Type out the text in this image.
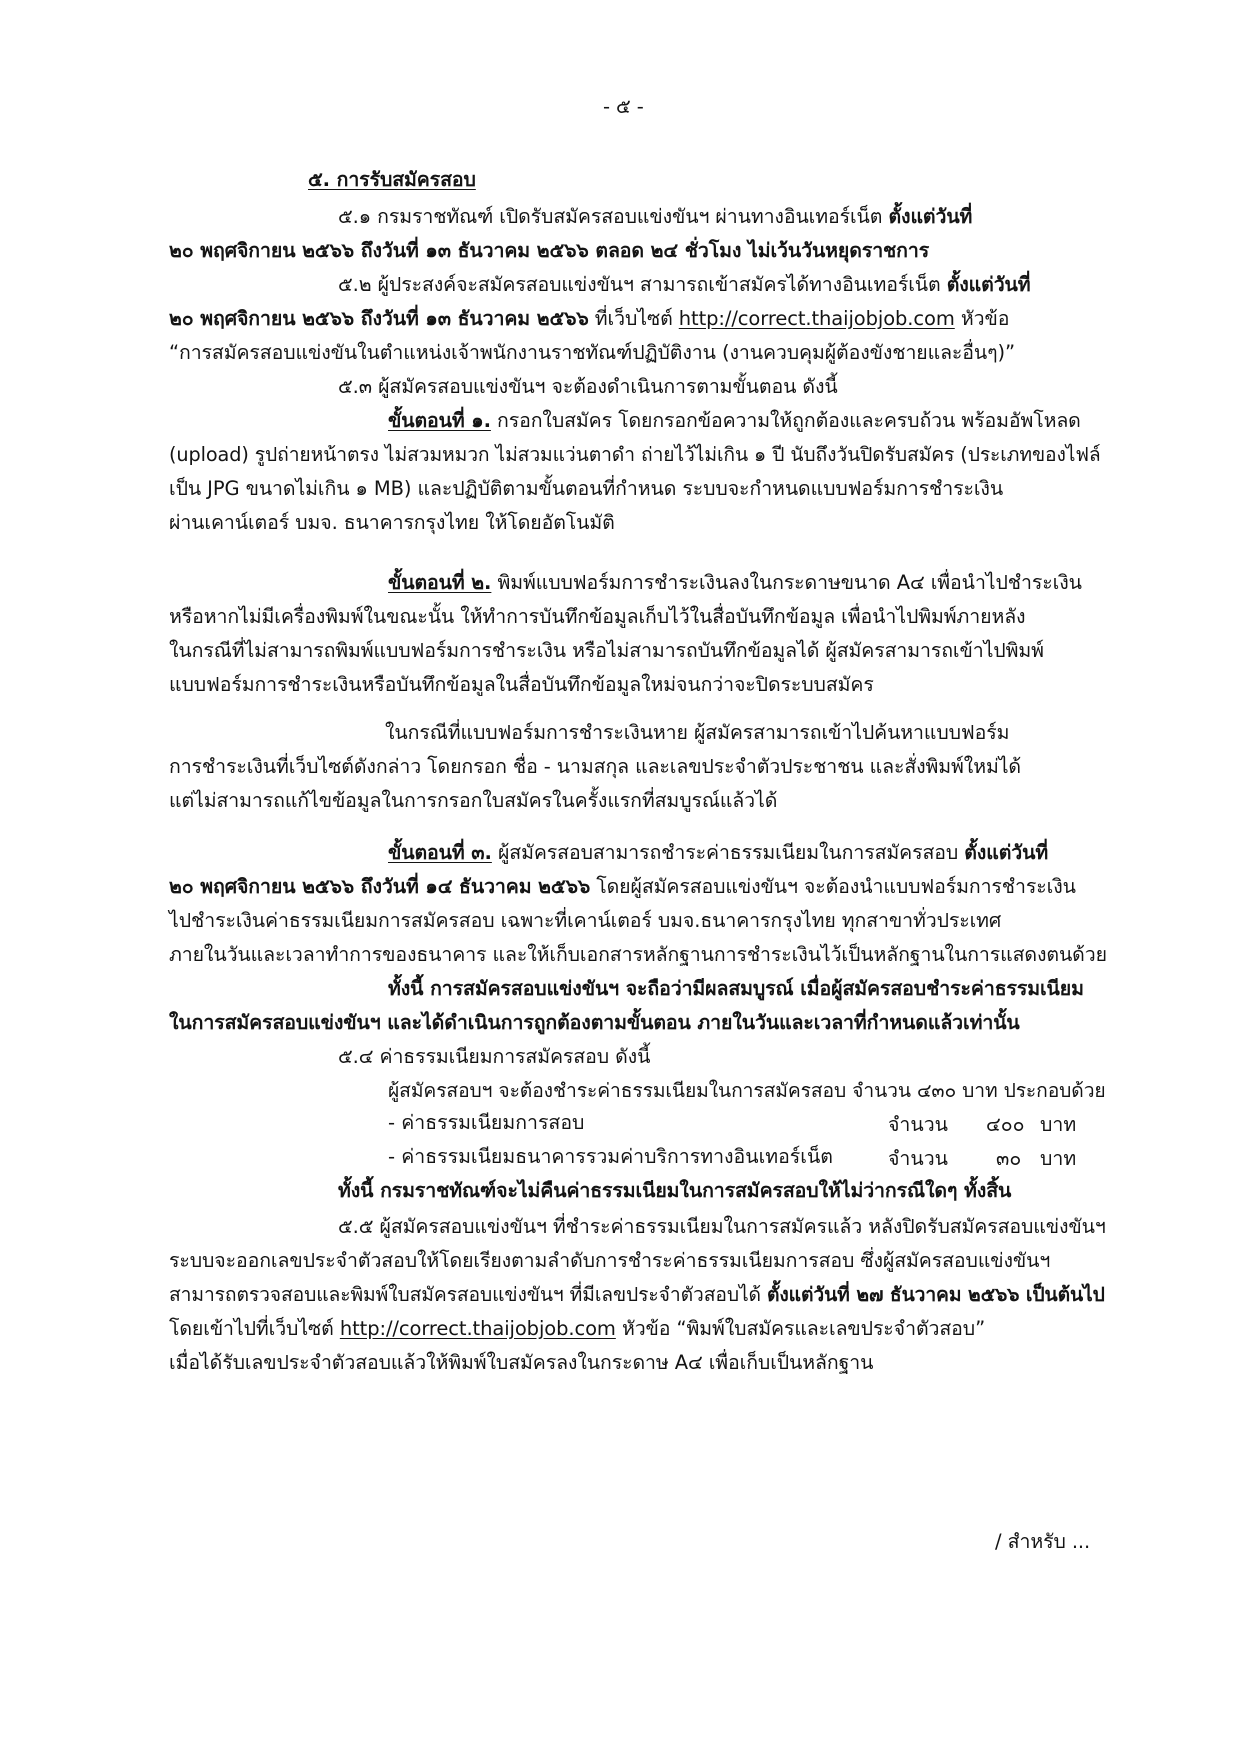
- ๕ -
๕. การรับสมัครสอบ
๕.๑ กรมราชทัณฑ์ เปิดรับสมัครสอบแข่งขันฯ ผ่านทางอินเทอร์เน็ต ตั้งแต่วันที่
๒๐ พฤศจิกายน ๒๕๖๖ ถึงวันที่ ๑๓ ธันวาคม ๒๕๖๖ ตลอด ๒๔ ชั่วโมง ไม่เว้นวันหยุดราชการ
๕.๒ ผู้ประสงค์จะสมัครสอบแข่งขันฯ สามารถเข้าสมัครได้ทางอินเทอร์เน็ต ตั้งแต่วันที่
๒๐ พฤศจิกายน ๒๕๖๖ ถึงวันที่ ๑๓ ธันวาคม ๒๕๖๖ ที่เว็บไซต์ http://correct.thaijobjob.com หัวข้อ
“การสมัครสอบแข่งขันในตำแหน่งเจ้าพนักงานราชทัณฑ์ปฏิบัติงาน (งานควบคุมผู้ต้องขังชายและอื่นๆ)”
๕.๓ ผู้สมัครสอบแข่งขันฯ จะต้องดำเนินการตามขั้นตอน ดังนี้
ขั้นตอนที่ ๑. กรอกใบสมัคร โดยกรอกข้อความให้ถูกต้องและครบถ้วน พร้อมอัพโหลด
(upload) รูปถ่ายหน้าตรง ไม่สวมหมวก ไม่สวมแว่นตาดำ ถ่ายไว้ไม่เกิน ๑ ปี นับถึงวันปิดรับสมัคร (ประเภทของไฟล์
เป็น JPG ขนาดไม่เกิน ๑ MB) และปฏิบัติตามขั้นตอนที่กำหนด ระบบจะกำหนดแบบฟอร์มการชำระเงิน
ผ่านเคาน์เตอร์ บมจ. ธนาคารกรุงไทย ให้โดยอัตโนมัติ
ขั้นตอนที่ ๒. พิมพ์แบบฟอร์มการชำระเงินลงในกระดาษขนาด A๔ เพื่อนำไปชำระเงิน
หรือหากไม่มีเครื่องพิมพ์ในขณะนั้น ให้ทำการบันทึกข้อมูลเก็บไว้ในสื่อบันทึกข้อมูล เพื่อนำไปพิมพ์ภายหลัง
ในกรณีที่ไม่สามารถพิมพ์แบบฟอร์มการชำระเงิน หรือไม่สามารถบันทึกข้อมูลได้ ผู้สมัครสามารถเข้าไปพิมพ์
แบบฟอร์มการชำระเงินหรือบันทึกข้อมูลในสื่อบันทึกข้อมูลใหม่จนกว่าจะปิดระบบสมัคร
ในกรณีที่แบบฟอร์มการชำระเงินหาย ผู้สมัครสามารถเข้าไปค้นหาแบบฟอร์ม
การชำระเงินที่เว็บไซต์ดังกล่าว โดยกรอก ชื่อ - นามสกุล และเลขประจำตัวประชาชน และสั่งพิมพ์ใหม่ได้
แต่ไม่สามารถแก้ไขข้อมูลในการกรอกใบสมัครในครั้งแรกที่สมบูรณ์แล้วได้
ขั้นตอนที่ ๓. ผู้สมัครสอบสามารถชำระค่าธรรมเนียมในการสมัครสอบ ตั้งแต่วันที่
๒๐ พฤศจิกายน ๒๕๖๖ ถึงวันที่ ๑๔ ธันวาคม ๒๕๖๖ โดยผู้สมัครสอบแข่งขันฯ จะต้องนำแบบฟอร์มการชำระเงิน
ไปชำระเงินค่าธรรมเนียมการสมัครสอบ เฉพาะที่เคาน์เตอร์ บมจ.ธนาคารกรุงไทย ทุกสาขาทั่วประเทศ
ภายในวันและเวลาทำการของธนาคาร และให้เก็บเอกสารหลักฐานการชำระเงินไว้เป็นหลักฐานในการแสดงตนด้วย
ทั้งนี้ การสมัครสอบแข่งขันฯ จะถือว่ามีผลสมบูรณ์ เมื่อผู้สมัครสอบชำระค่าธรรมเนียม
ในการสมัครสอบแข่งขันฯ และได้ดำเนินการถูกต้องตามขั้นตอน ภายในวันและเวลาที่กำหนดแล้วเท่านั้น
๕.๔ ค่าธรรมเนียมการสมัครสอบ ดังนี้
ผู้สมัครสอบฯ จะต้องชำระค่าธรรมเนียมในการสมัครสอบ จำนวน ๔๓๐ บาท ประกอบด้วย
- ค่าธรรมเนียมการสอบ	จำนวน ๔๐๐ บาท
- ค่าธรรมเนียมธนาคารรวมค่าบริการทางอินเทอร์เน็ต	จำนวน ๓๐ บาท
ทั้งนี้ กรมราชทัณฑ์จะไม่คืนค่าธรรมเนียมในการสมัครสอบให้ไม่ว่ากรณีใดๆ ทั้งสิ้น
๕.๕ ผู้สมัครสอบแข่งขันฯ ที่ชำระค่าธรรมเนียมในการสมัครแล้ว หลังปิดรับสมัครสอบแข่งขันฯ
ระบบจะออกเลขประจำตัวสอบให้โดยเรียงตามลำดับการชำระค่าธรรมเนียมการสอบ ซึ่งผู้สมัครสอบแข่งขันฯ
สามารถตรวจสอบและพิมพ์ใบสมัครสอบแข่งขันฯ ที่มีเลขประจำตัวสอบได้ ตั้งแต่วันที่ ๒๗ ธันวาคม ๒๕๖๖ เป็นต้นไป
โดยเข้าไปที่เว็บไซต์ http://correct.thaijobjob.com หัวข้อ “พิมพ์ใบสมัครและเลขประจำตัวสอบ”
เมื่อได้รับเลขประจำตัวสอบแล้วให้พิมพ์ใบสมัครลงในกระดาษ A๔ เพื่อเก็บเป็นหลักฐาน
/ สำหรับ ...
